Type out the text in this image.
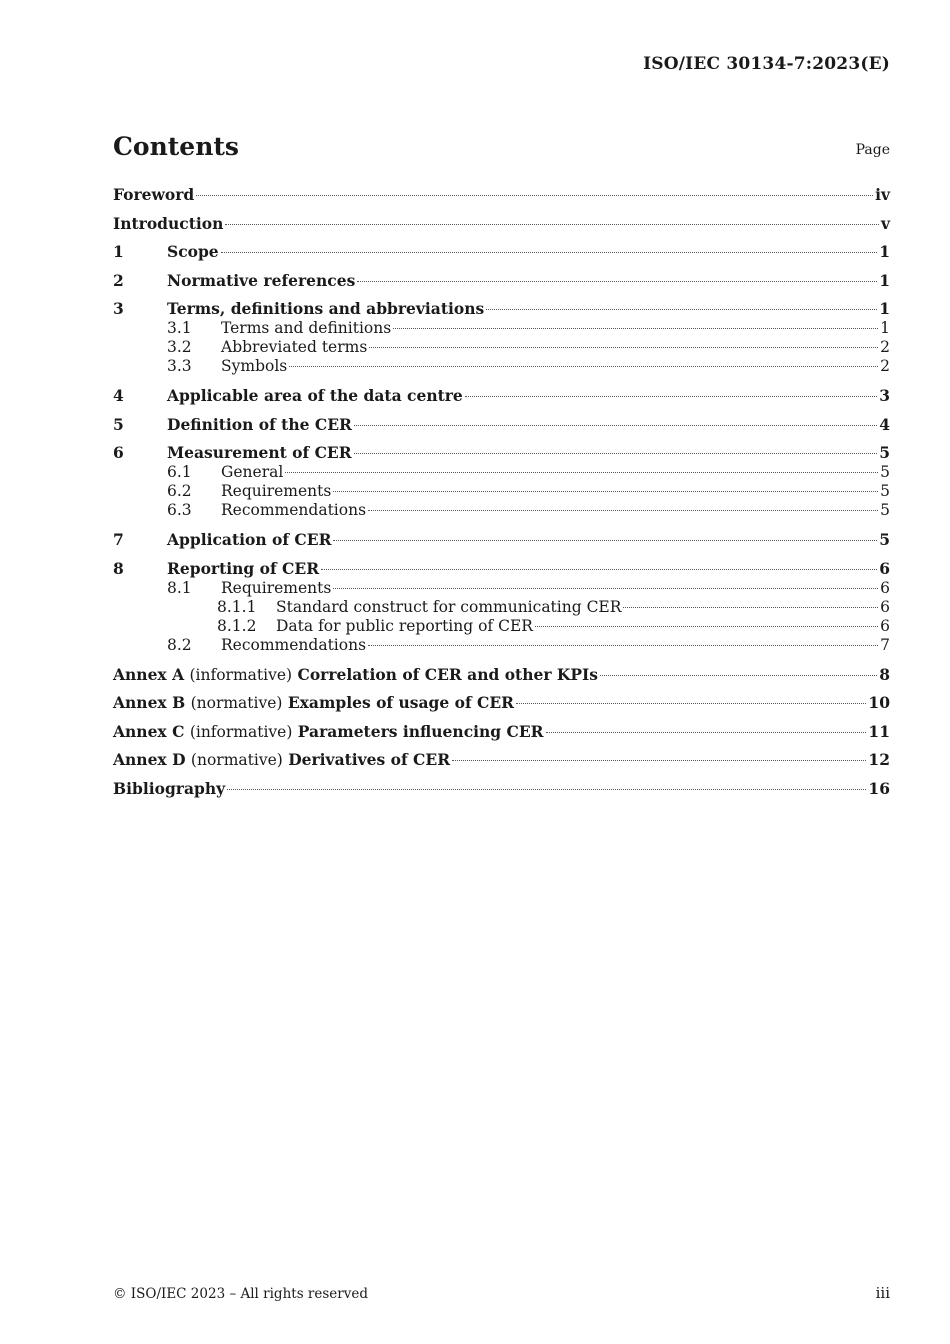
ISO/IEC 30134-7:2023(E)
Contents	Page
Foreword	iv
Introduction	v
1	Scope	1
2	Normative references	1
3	Terms, definitions and abbreviations	1
3.1	Terms and definitions	1
3.2	Abbreviated terms	2
3.3	Symbols	2
4	Applicable area of the data centre	3
5	Definition of the CER	4
6	Measurement of CER	5
6.1	General	5
6.2	Requirements	5
6.3	Recommendations	5
7	Application of CER	5
8	Reporting of CER	6
8.1	Requirements	6
8.1.1	Standard construct for communicating CER	6
8.1.2	Data for public reporting of CER	6
8.2	Recommendations	7
Annex A (informative) Correlation of CER and other KPIs	8
Annex B (normative) Examples of usage of CER	10
Annex C (informative) Parameters influencing CER	11
Annex D (normative) Derivatives of CER	12
Bibliography	16
© ISO/IEC 2023 – All rights reserved	iii
